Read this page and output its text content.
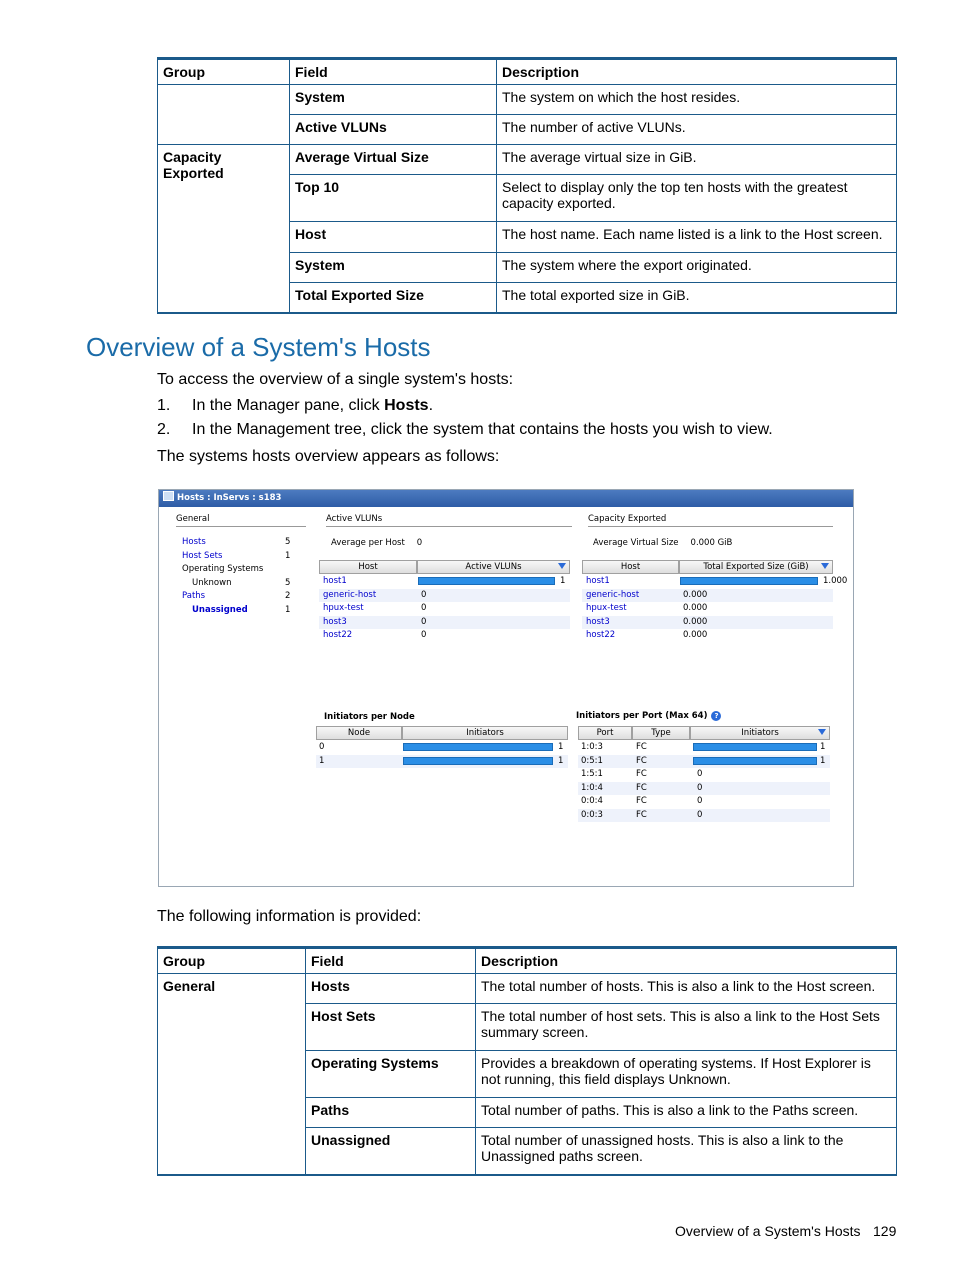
Group	Field	Description
	System	The system on which the host resides.
	Active VLUNs	The number of active VLUNs.
Capacity Exported	Average Virtual Size	The average virtual size in GiB.
	Top 10	Select to display only the top ten hosts with the greatest capacity exported.
	Host	The host name. Each name listed is a link to the Host screen.
	System	The system where the export originated.
	Total Exported Size	The total exported size in GiB.
Overview of a System's Hosts

To access the overview of a single system's hosts:

1. In the Manager pane, click Hosts.
2. In the Management tree, click the system that contains the hosts you wish to view.

The systems hosts overview appears as follows:

Hosts : InServs : s183
General
Hosts	5
Host Sets	1
Operating Systems
Unknown	5
Paths	2
Unassigned	1
Active VLUNs
Average per Host 0
Host	Active VLUNs
host1	1
generic-host	0
hpux-test	0
host3	0
host22	0
Capacity Exported
Average Virtual Size 0.000 GiB
Host	Total Exported Size (GiB)
host1	1.000
generic-host	0.000
hpux-test	0.000
host3	0.000
host22	0.000
Initiators per Node
Node	Initiators
0	1
1	1
Initiators per Port (Max 64) ?
Port	Type	Initiators
1:0:3	FC	1
0:5:1	FC	1
1:5:1	FC	0
1:0:4	FC	0
0:0:4	FC	0
0:0:3	FC	0

The following information is provided:

Group	Field	Description
General	Hosts	The total number of hosts. This is also a link to the Host screen.
	Host Sets	The total number of host sets. This is also a link to the Host Sets summary screen.
	Operating Systems	Provides a breakdown of operating systems. If Host Explorer is not running, this field displays Unknown.
	Paths	Total number of paths. This is also a link to the Paths screen.
	Unassigned	Total number of unassigned hosts. This is also a link to the Unassigned paths screen.
Overview of a System's Hosts 129
